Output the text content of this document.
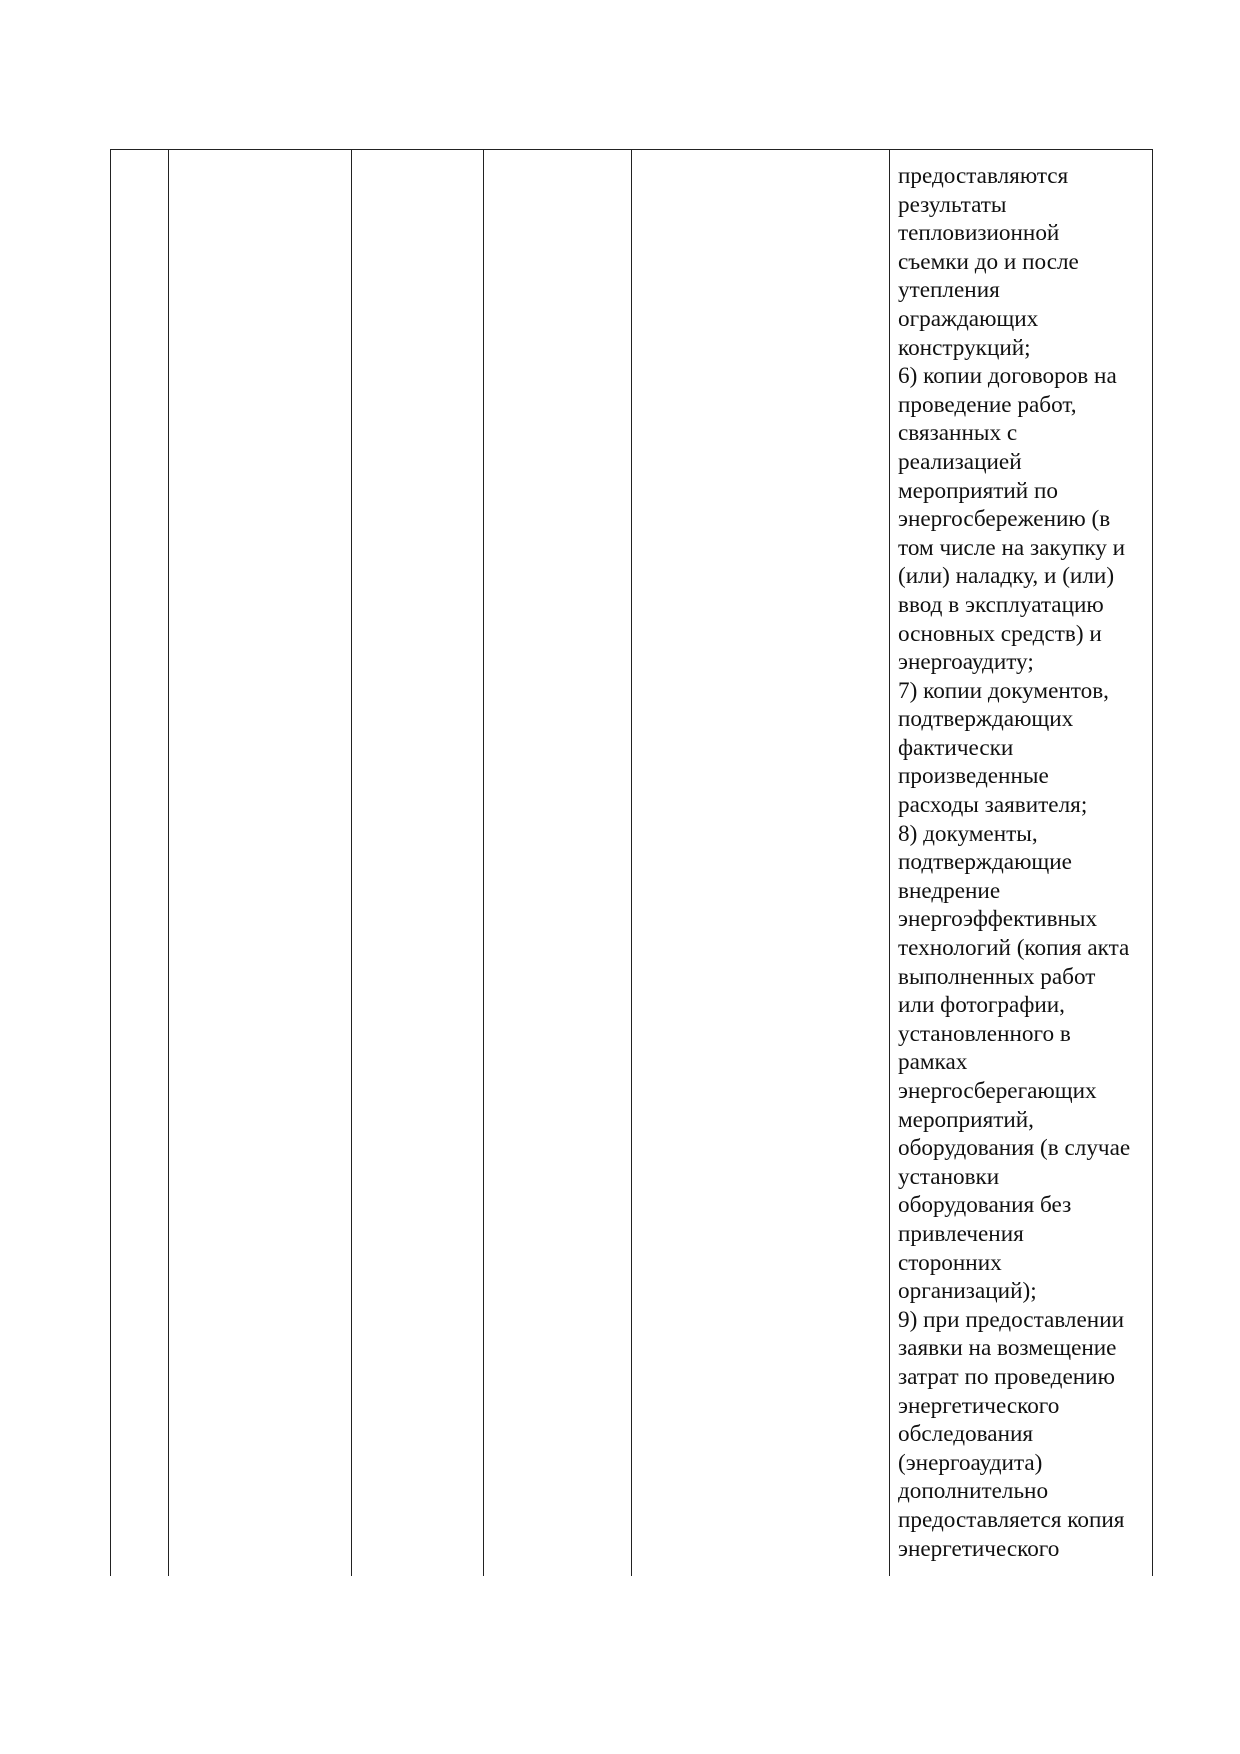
предоставляются
результаты
тепловизионной
съемки до и после
утепления
ограждающих
конструкций;
6) копии договоров на
проведение работ,
связанных с
реализацией
мероприятий по
энергосбережению (в
том числе на закупку и
(или) наладку, и (или)
ввод в эксплуатацию
основных средств) и
энергоаудиту;
7) копии документов,
подтверждающих
фактически
произведенные
расходы заявителя;
8) документы,
подтверждающие
внедрение
энергоэффективных
технологий (копия акта
выполненных работ
или фотографии,
установленного в
рамках
энергосберегающих
мероприятий,
оборудования (в случае
установки
оборудования без
привлечения
сторонних
организаций);
9) при предоставлении
заявки на возмещение
затрат по проведению
энергетического
обследования
(энергоаудита)
дополнительно
предоставляется копия
энергетического
